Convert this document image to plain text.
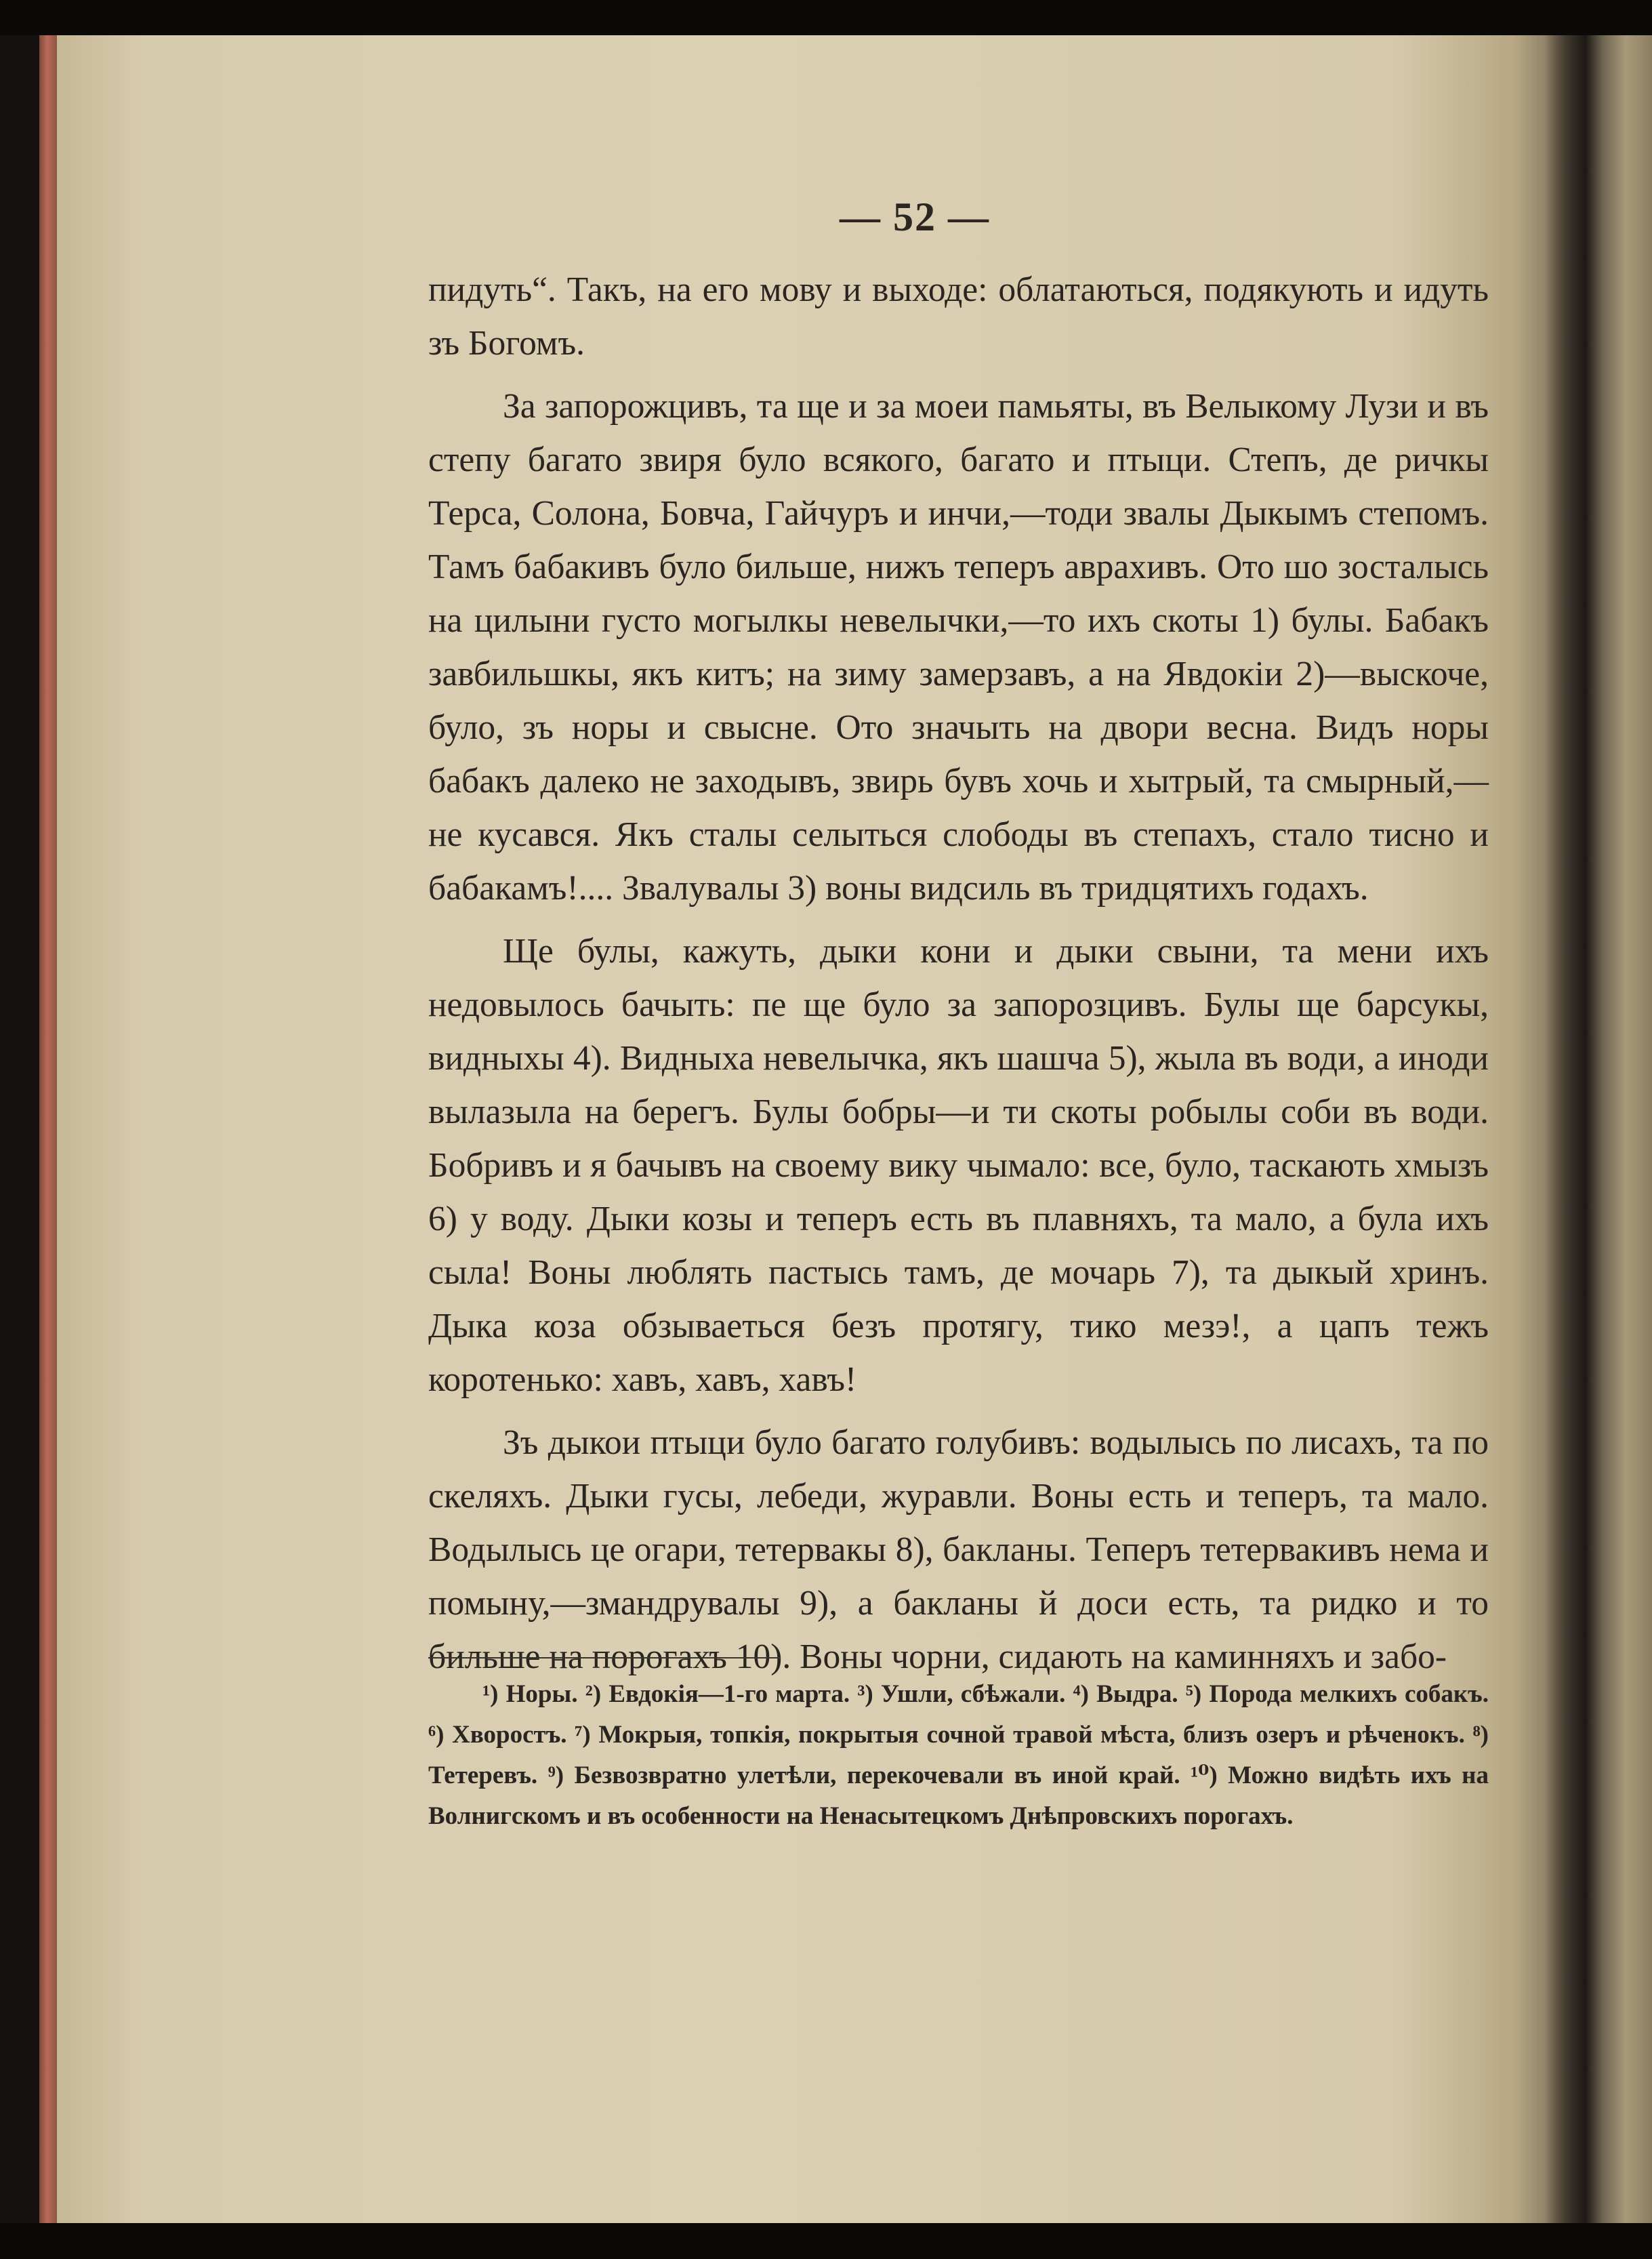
— 52 —

пидуть“. Такъ, на его мову и выходе: облатаються, подякують и идуть зъ Богомъ.

За запорожцивъ, та ще и за моеи памьяты, въ Велыкому Лузи и въ степу багато звиря було всякого, багато и птыци. Степъ, де ричкы Терса, Солона, Бовча, Гайчуръ и инчи,—тоди звалы Дыкымъ степомъ. Тамъ бабакивъ було бильше, нижъ теперъ аврахивъ. Ото шо зосталысь на цилыни густо могылкы невелычки,—то ихъ скоты 1) булы. Бабакъ завбильшкы, якъ китъ; на зиму замерзавъ, а на Явдокіи 2)—выскоче, було, зъ норы и свысне. Ото значыть на двори весна. Видъ норы бабакъ далеко не заходывъ, звирь бувъ хочь и хытрый, та смырный,—не кусався. Якъ сталы селыться слободы въ степахъ, стало тисно и бабакамъ!.... Звалувалы 3) воны видсиль въ тридцятихъ годахъ.

Ще булы, кажуть, дыки кони и дыки свыни, та мени ихъ недовылось бачыть: пе ще було за запорозцивъ. Булы ще барсукы, видныхы 4). Видныха невелычка, якъ шашча 5), жыла въ води, а иноди вылазыла на берегъ. Булы бобры—и ти скоты робылы соби въ води. Бобривъ и я бачывъ на своему вику чымало: все, було, таскають хмызъ 6) у воду. Дыки козы и теперъ есть въ плавняхъ, та мало, а була ихъ сыла! Воны люблять пастысь тамъ, де мочарь 7), та дыкый хринъ. Дыка коза обзываеться безъ протягу, тико мезэ!, а цапъ тежъ коротенько: хавъ, хавъ, хавъ!

Зъ дыкои птыци було багато голубивъ: водылысь по лисахъ, та по скеляхъ. Дыки гусы, лебеди, журавли. Воны есть и теперъ, та мало. Водылысь це огари, тетервакы 8), бакланы. Теперъ тетервакивъ нема и помыну,—змандрувалы 9), а бакланы й доси есть, та ридко и то бильше на порогахъ 10). Воны чорни, сидають на каминняхъ и забо-

¹) Норы. ²) Евдокія—1-го марта. ³) Ушли, сбѣжали. ⁴) Выдра. ⁵) Порода мелкихъ собакъ. ⁶) Хворостъ. ⁷) Мокрыя, топкія, покрытыя сочной травой мѣста, близъ озеръ и рѣченокъ. ⁸) Тетеревъ. ⁹) Безвозвратно улетѣли, перекочевали въ иной край. ¹⁰) Можно видѣть ихъ на Волнигскомъ и въ особенности на Ненасытецкомъ Днѣпровскихъ порогахъ.
